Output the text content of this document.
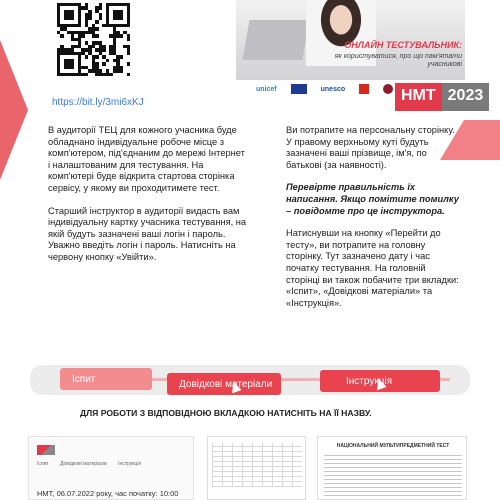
https://bit.ly/3mi6xKJ
ОНЛАЙН ТЕСТУВАЛЬНИК:
як користуватися, про що пам'ятати учасникові
unicef	unesco	НМТ 2023

В аудиторії ТЕЦ для кожного учасника буде обладнано індивідуальне робоче місце з комп'ютером, під'єднаним до мережі Інтернет і налаштованим для тестування. На комп'ютері буде відкрита стартова сторінка сервісу, у якому ви проходитимете тест.

Старший інструктор в аудиторії видасть вам індивідуальну картку учасника тестування, на якій будуть зазначені ваші логін і пароль. Уважно введіть логін і пароль. Натисніть на червону кнопку «Увійти».

Ви потрапите на персональну сторінку. У правому верхньому куті будуть зазначені ваші прізвище, ім'я, по батькові (за наявності).

Перевірте правильність їх написання. Якщо помітите помилку – повідомте про це інструктора.

Натиснувши на кнопку «Перейти до тесту», ви потрапите на головну сторінку. Тут зазначено дату і час початку тестування. На головній сторінці ви також побачите три вкладки: «Іспит», «Довідкові матеріали» та «Інструкція».

Іспит	Довідкові матеріали	Інструкція
ДЛЯ РОБОТИ З ВІДПОВІДНОЮ ВКЛАДКОЮ НАТИСНІТЬ НА ЇЇ НАЗВУ.
Іспит Довідкові матеріали Інструкція
НМТ, 06.07.2022 року, час початку: 10:00
НАЦІОНАЛЬНИЙ МУЛЬТИПРЕДМЕТНИЙ ТЕСТ
